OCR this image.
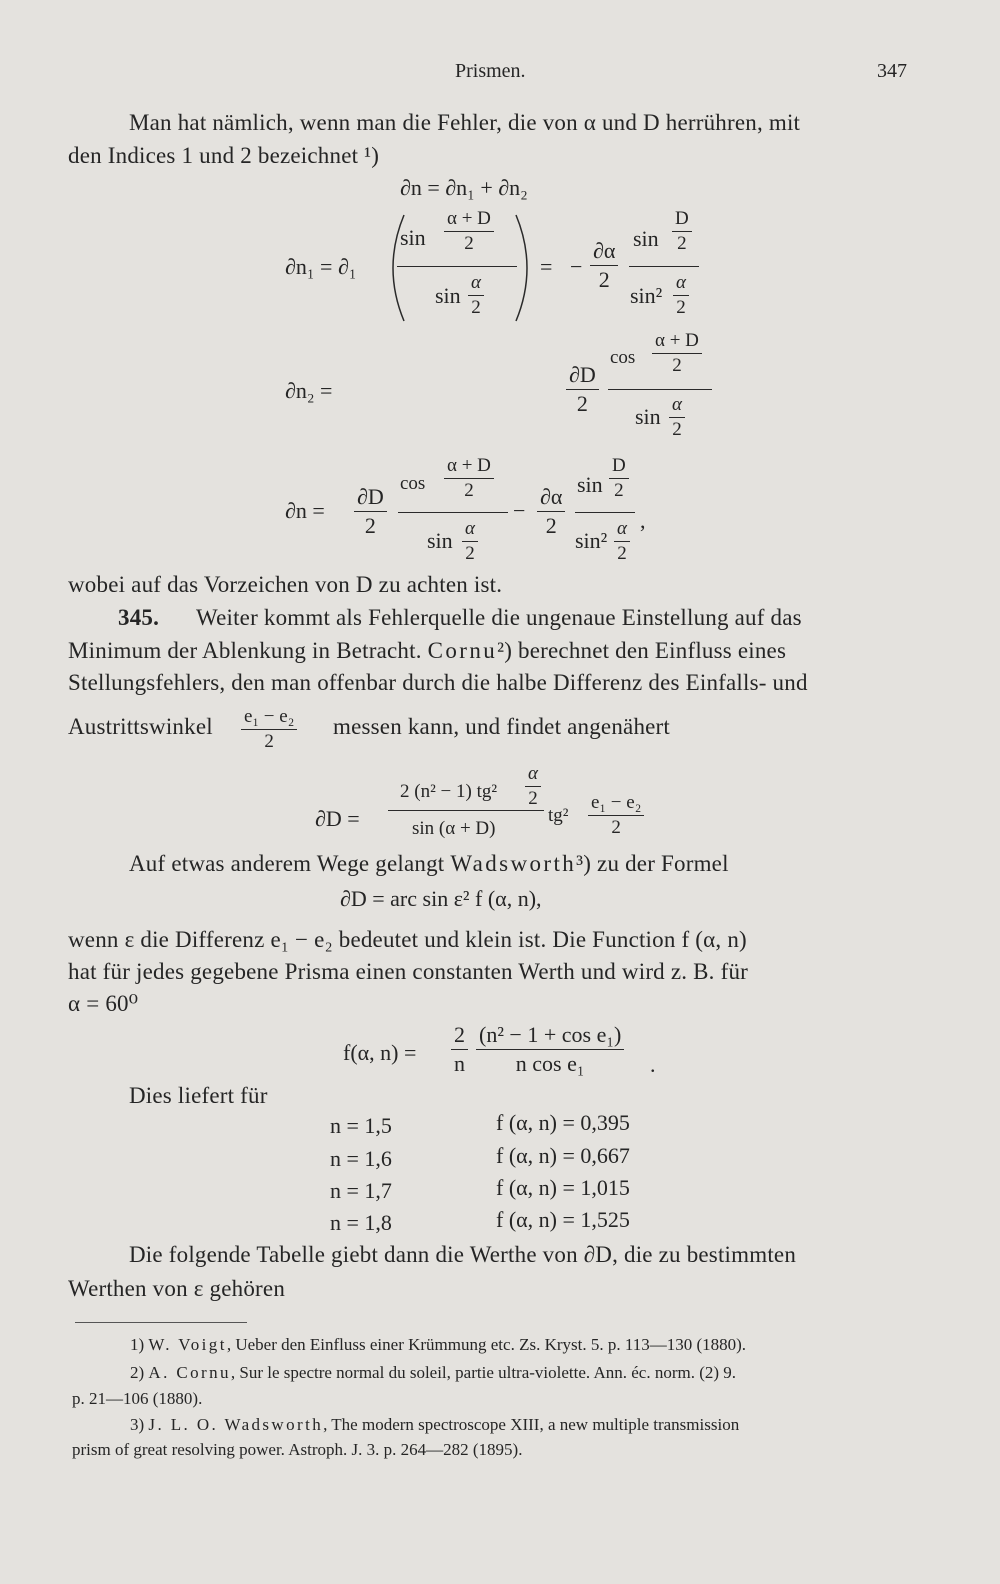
Prismen.	347
Man hat nämlich, wenn man die Fehler, die von α und D herrühren, mit
den Indices 1 und 2 bezeichnet ¹)
∂n = ∂n₁ + ∂n₂
∂n₁ = ∂₁
$\sin \frac{\alpha + D}{2}$
$\sin \frac{\alpha}{2}$
= − $\frac{\partial\alpha}{2}$ $\sin \frac{D}{2}$
$\sin^2 \frac{\alpha}{2}$
∂n₂ =	$\frac{\partial D}{2}$
$\cos \frac{\alpha + D}{2}$
$\sin \frac{\alpha}{2}$
$\partial n = \frac{\partial D}{2}$
$\cos \frac{\alpha + D}{2}$
$\sin \frac{\alpha}{2}$
− $\frac{\partial\alpha}{2}$ $\sin \frac{D}{2}$
$\sin^2 \frac{\alpha}{2}$ ,
wobei auf das Vorzeichen von D zu achten ist.
345. Weiter kommt als Fehlerquelle die ungenaue Einstellung auf das
Minimum der Ablenkung in Betracht. Cornu²) berechnet den Einfluss eines
Stellungsfehlers, den man offenbar durch die halbe Differenz des Einfalls- und
Austrittswinkel $\frac{\text{e₁ − e₂}}{2}$ messen kann, und findet angenähert
∂D =
2 (n² − 1) $tg^2 \frac{\alpha}{2}$
sin (α + D)
$tg^2 \frac{\text{e₁ − e₂}}{2}$
Auf etwas anderem Wege gelangt Wadsworth³) zu der Formel
∂D = arc sin ε² f (α, n),
wenn ε die Differenz e₁ − e₂ bedeutet und klein ist. Die Function f (α, n)
hat für jedes gegebene Prisma einen constanten Werth und wird z. B. für
α = 60⁰
f(α, $n) = \frac{2}{n} \frac{\text{(n² − 1 + cos e₁)}}{\text{n cos e₁}}$ .
Dies liefert für
n = 1,5	f (α, n) = 0,395
n = 1,6	f (α, n) = 0,667
n = 1,7	f (α, n) = 1,015
n = 1,8	f (α, n) = 1,525
Die folgende Tabelle giebt dann die Werthe von ∂D, die zu bestimmten
Werthen von ε gehören
1) W. Voigt, Ueber den Einfluss einer Krümmung etc. Zs. Kryst. 5. p. 113—130 (1880).
2) A. Cornu, Sur le spectre normal du soleil, partie ultra-violette. Ann. éc. norm. (2) 9.
p. 21—106 (1880).
3) J. L. O. Wadsworth, The modern spectroscope XIII, a new multiple transmission
prism of great resolving power. Astroph. J. 3. p. 264—282 (1895).
